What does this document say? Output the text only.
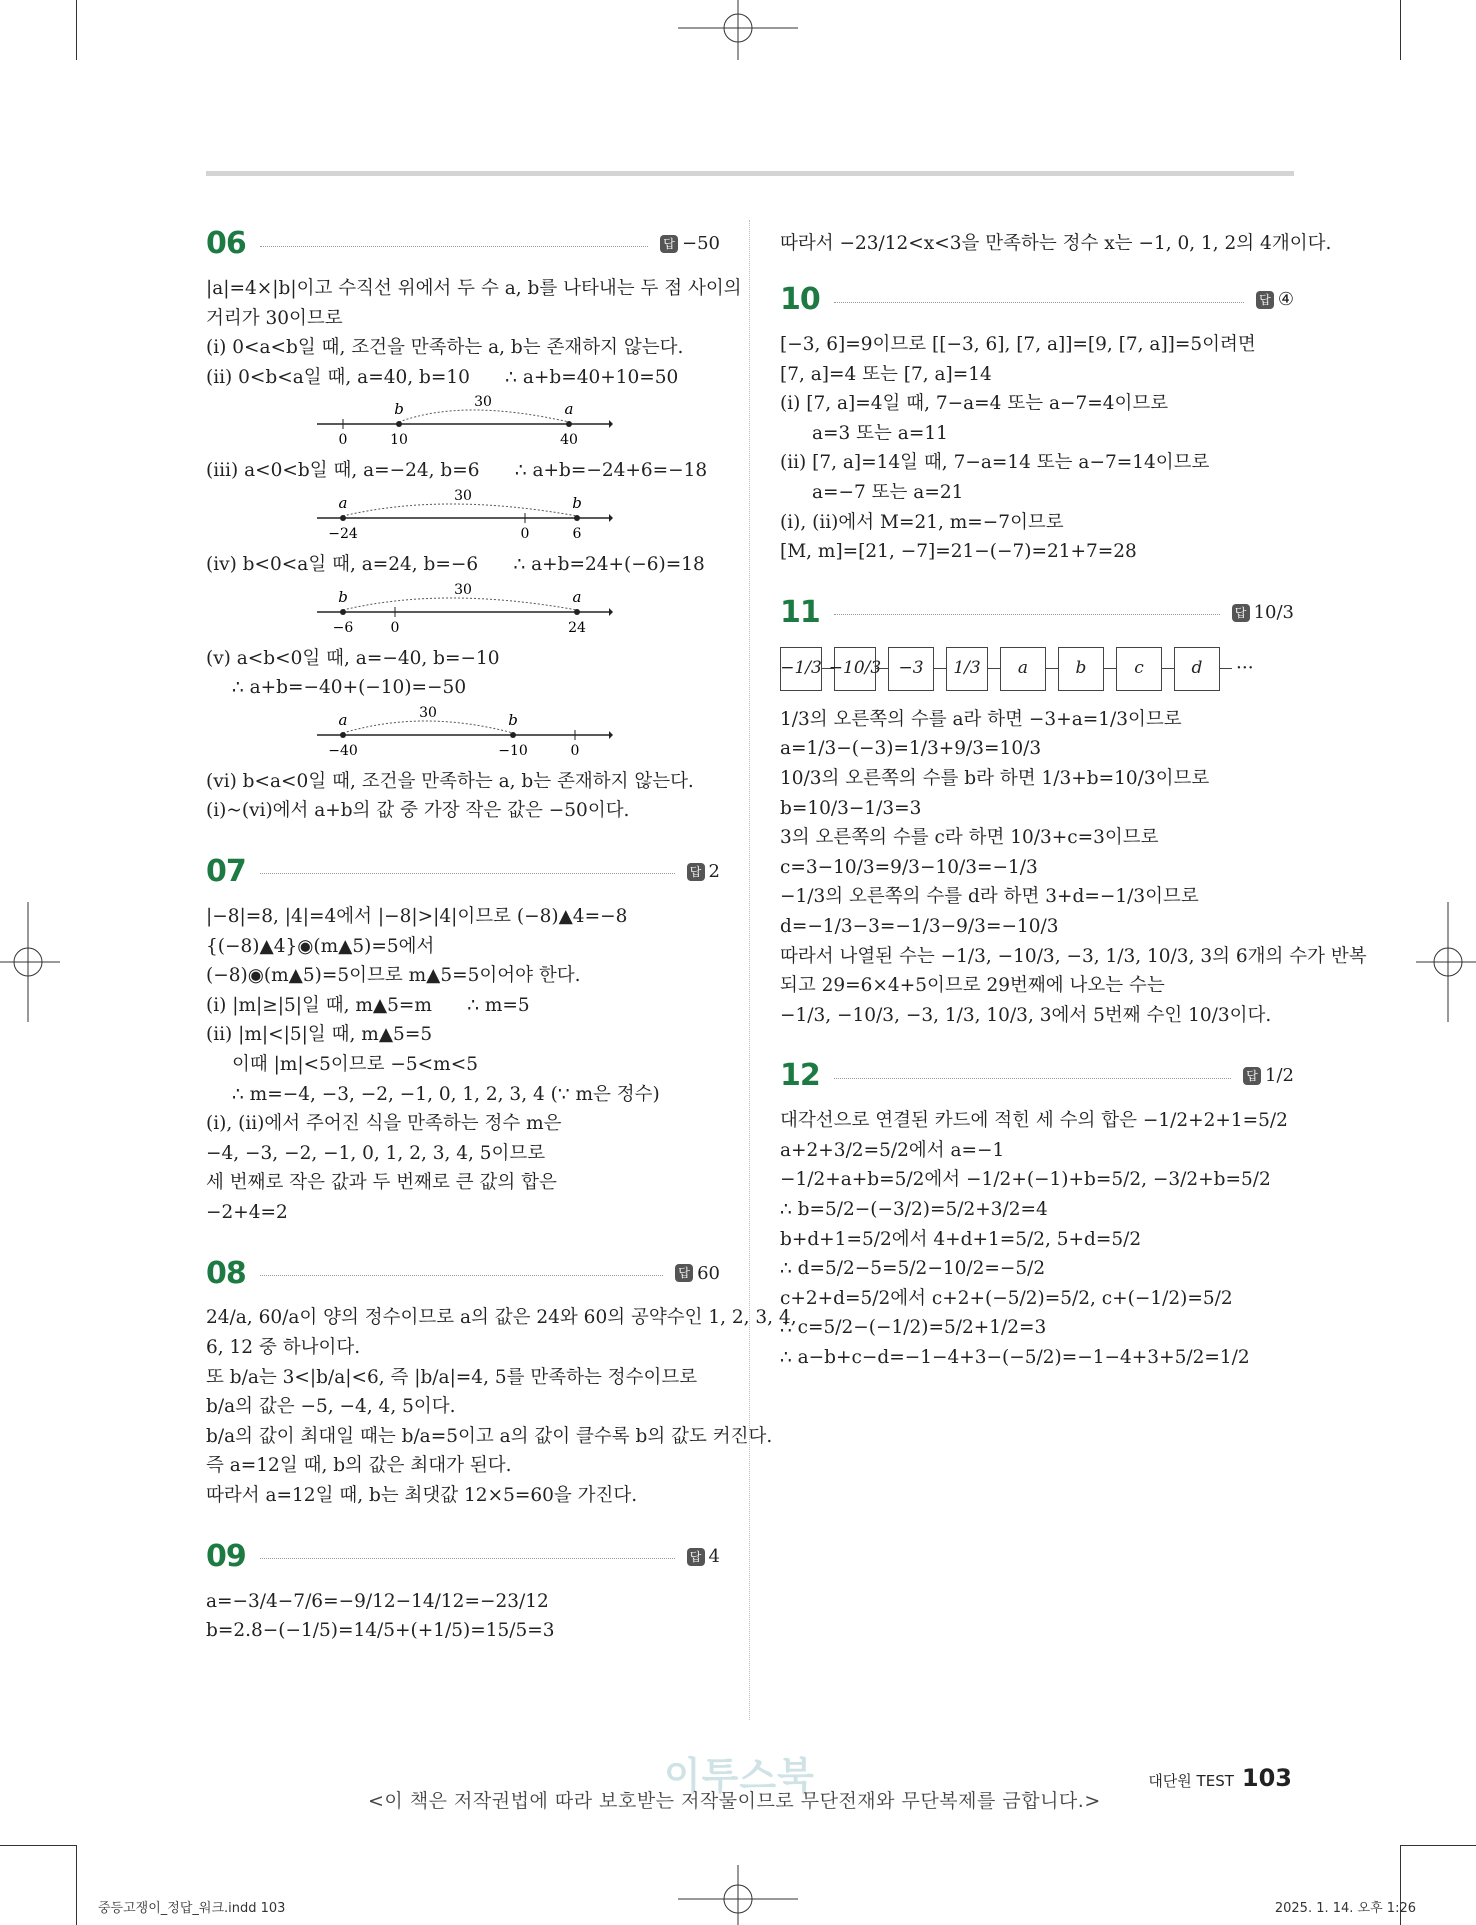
06	답 −50
|a|=4×|b|이고 수직선 위에서 두 수 a, b를 나타내는 두 점 사이의
거리가 30이므로
(ⅰ) 0<a<b일 때, 조건을 만족하는 a, b는 존재하지 않는다.
(ⅱ) 0<b<a일 때, a=40, b=10      ∴ a+b=40+10=50
b	a
30
0	10	40
(ⅲ) a<0<b일 때, a=−24, b=6      ∴ a+b=−24+6=−18
a	b
30
−24	0	6
(ⅳ) b<0<a일 때, a=24, b=−6      ∴ a+b=24+(−6)=18
b	a
30
−6	0	24
(ⅴ) a<b<0일 때, a=−40, b=−10
∴ a+b=−40+(−10)=−50
a	b
30
−40	−10	0
(ⅵ) b<a<0일 때, 조건을 만족하는 a, b는 존재하지 않는다.
(ⅰ)~(ⅵ)에서 a+b의 값 중 가장 작은 값은 −50이다.
07	답 2
|−8|=8, |4|=4에서 |−8|>|4|이므로 (−8)▲4=−8
{(−8)▲4}◉(m▲5)=5에서
(−8)◉(m▲5)=5이므로 m▲5=5이어야 한다.
(ⅰ) |m|≥|5|일 때, m▲5=m      ∴ m=5
(ⅱ) |m|<|5|일 때, m▲5=5
이때 |m|<5이므로 −5<m<5
∴ m=−4, −3, −2, −1, 0, 1, 2, 3, 4 (∵ m은 정수)
(ⅰ), (ⅱ)에서 주어진 식을 만족하는 정수 m은
−4, −3, −2, −1, 0, 1, 2, 3, 4, 5이므로
세 번째로 작은 값과 두 번째로 큰 값의 합은
−2+4=2
08	답 60
24/a, 60/a이 양의 정수이므로 a의 값은 24와 60의 공약수인 1, 2, 3, 4,
6, 12 중 하나이다.
또 b/a는 3<|b/a|<6, 즉 |b/a|=4, 5를 만족하는 정수이므로
b/a의 값은 −5, −4, 4, 5이다.
b/a의 값이 최대일 때는 b/a=5이고 a의 값이 클수록 b의 값도 커진다.
즉 a=12일 때, b의 값은 최대가 된다.
따라서 a=12일 때, b는 최댓값 12×5=60을 가진다.
09	답 4
a=−3/4−7/6=−9/12−14/12=−23/12
b=2.8−(−1/5)=14/5+(+1/5)=15/5=3
따라서 −23/12<x<3을 만족하는 정수 x는 −1, 0, 1, 2의 4개이다.
10	답 ④
[−3, 6]=9이므로 [[−3, 6], [7, a]]=[9, [7, a]]=5이려면
[7, a]=4 또는 [7, a]=14
(ⅰ) [7, a]=4일 때, 7−a=4 또는 a−7=4이므로
a=3 또는 a=11
(ⅱ) [7, a]=14일 때, 7−a=14 또는 a−7=14이므로
a=−7 또는 a=21
(ⅰ), (ⅱ)에서 M=21, m=−7이므로
[M, m]=[21, −7]=21−(−7)=21+7=28
11	답 10/3
−1/3 −10/3	−3	1/3	a	b	c	d	···
1/3의 오른쪽의 수를 a라 하면 −3+a=1/3이므로
a=1/3−(−3)=1/3+9/3=10/3
10/3의 오른쪽의 수를 b라 하면 1/3+b=10/3이므로
b=10/3−1/3=3
3의 오른쪽의 수를 c라 하면 10/3+c=3이므로
c=3−10/3=9/3−10/3=−1/3
−1/3의 오른쪽의 수를 d라 하면 3+d=−1/3이므로
d=−1/3−3=−1/3−9/3=−10/3
따라서 나열된 수는 −1/3, −10/3, −3, 1/3, 10/3, 3의 6개의 수가 반복
되고 29=6×4+5이므로 29번째에 나오는 수는
−1/3, −10/3, −3, 1/3, 10/3, 3에서 5번째 수인 10/3이다.
12	답 1/2
대각선으로 연결된 카드에 적힌 세 수의 합은 −1/2+2+1=5/2
a+2+3/2=5/2에서 a=−1
−1/2+a+b=5/2에서 −1/2+(−1)+b=5/2, −3/2+b=5/2
∴ b=5/2−(−3/2)=5/2+3/2=4
b+d+1=5/2에서 4+d+1=5/2, 5+d=5/2
∴ d=5/2−5=5/2−10/2=−5/2
c+2+d=5/2에서 c+2+(−5/2)=5/2, c+(−1/2)=5/2
∴ c=5/2−(−1/2)=5/2+1/2=3
∴ a−b+c−d=−1−4+3−(−5/2)=−1−4+3+5/2=1/2
이투스북
<이 책은 저작권법에 따라 보호받는 저작물이므로 무단전재와 무단복제를 금합니다.>
대단원 TEST 103
중등고쟁이_정답_워크.indd 103	2025. 1. 14. 오후 1:26
